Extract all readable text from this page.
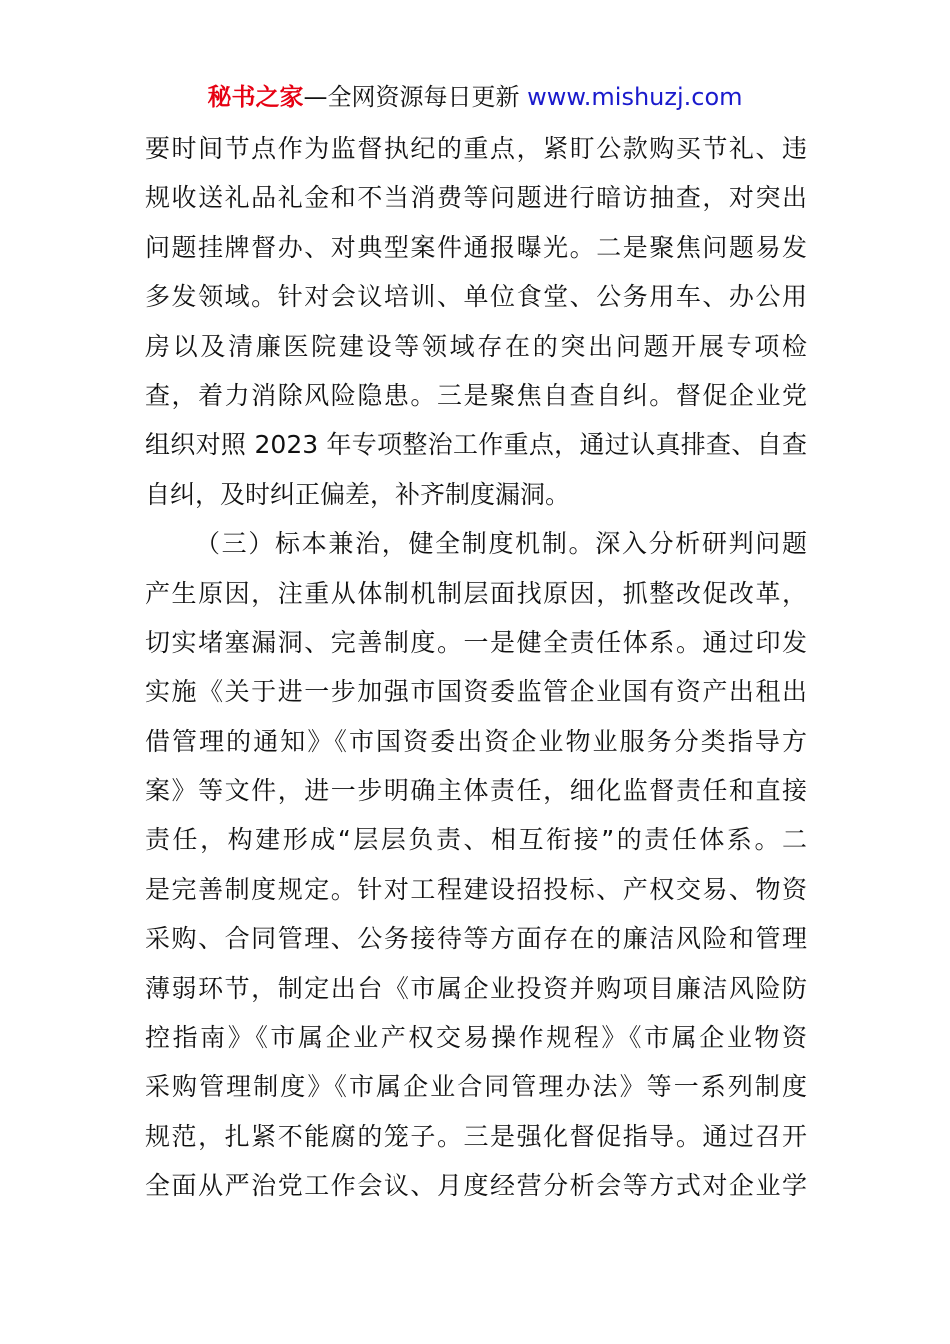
秘书之家—全网资源每日更新 www.mishuzj.com
要时间节点作为监督执纪的重点，紧盯公款购买节礼、违
规收送礼品礼金和不当消费等问题进行暗访抽查，对突出
问题挂牌督办、对典型案件通报曝光。二是聚焦问题易发
多发领域。针对会议培训、单位食堂、公务用车、办公用
房以及清廉医院建设等领域存在的突出问题开展专项检
查，着力消除风险隐患。三是聚焦自查自纠。督促企业党
组织对照 2023 年专项整治工作重点，通过认真排查、自查
自纠，及时纠正偏差，补齐制度漏洞。
（三）标本兼治，健全制度机制。深入分析研判问题
产生原因，注重从体制机制层面找原因，抓整改促改革，
切实堵塞漏洞、完善制度。一是健全责任体系。通过印发
实施《关于进一步加强市国资委监管企业国有资产出租出
借管理的通知》《市国资委出资企业物业服务分类指导方
案》等文件，进一步明确主体责任，细化监督责任和直接
责任，构建形成“层层负责、相互衔接”的责任体系。二
是完善制度规定。针对工程建设招投标、产权交易、物资
采购、合同管理、公务接待等方面存在的廉洁风险和管理
薄弱环节，制定出台《市属企业投资并购项目廉洁风险防
控指南》《市属企业产权交易操作规程》《市属企业物资
采购管理制度》《市属企业合同管理办法》等一系列制度
规范，扎紧不能腐的笼子。三是强化督促指导。通过召开
全面从严治党工作会议、月度经营分析会等方式对企业学
